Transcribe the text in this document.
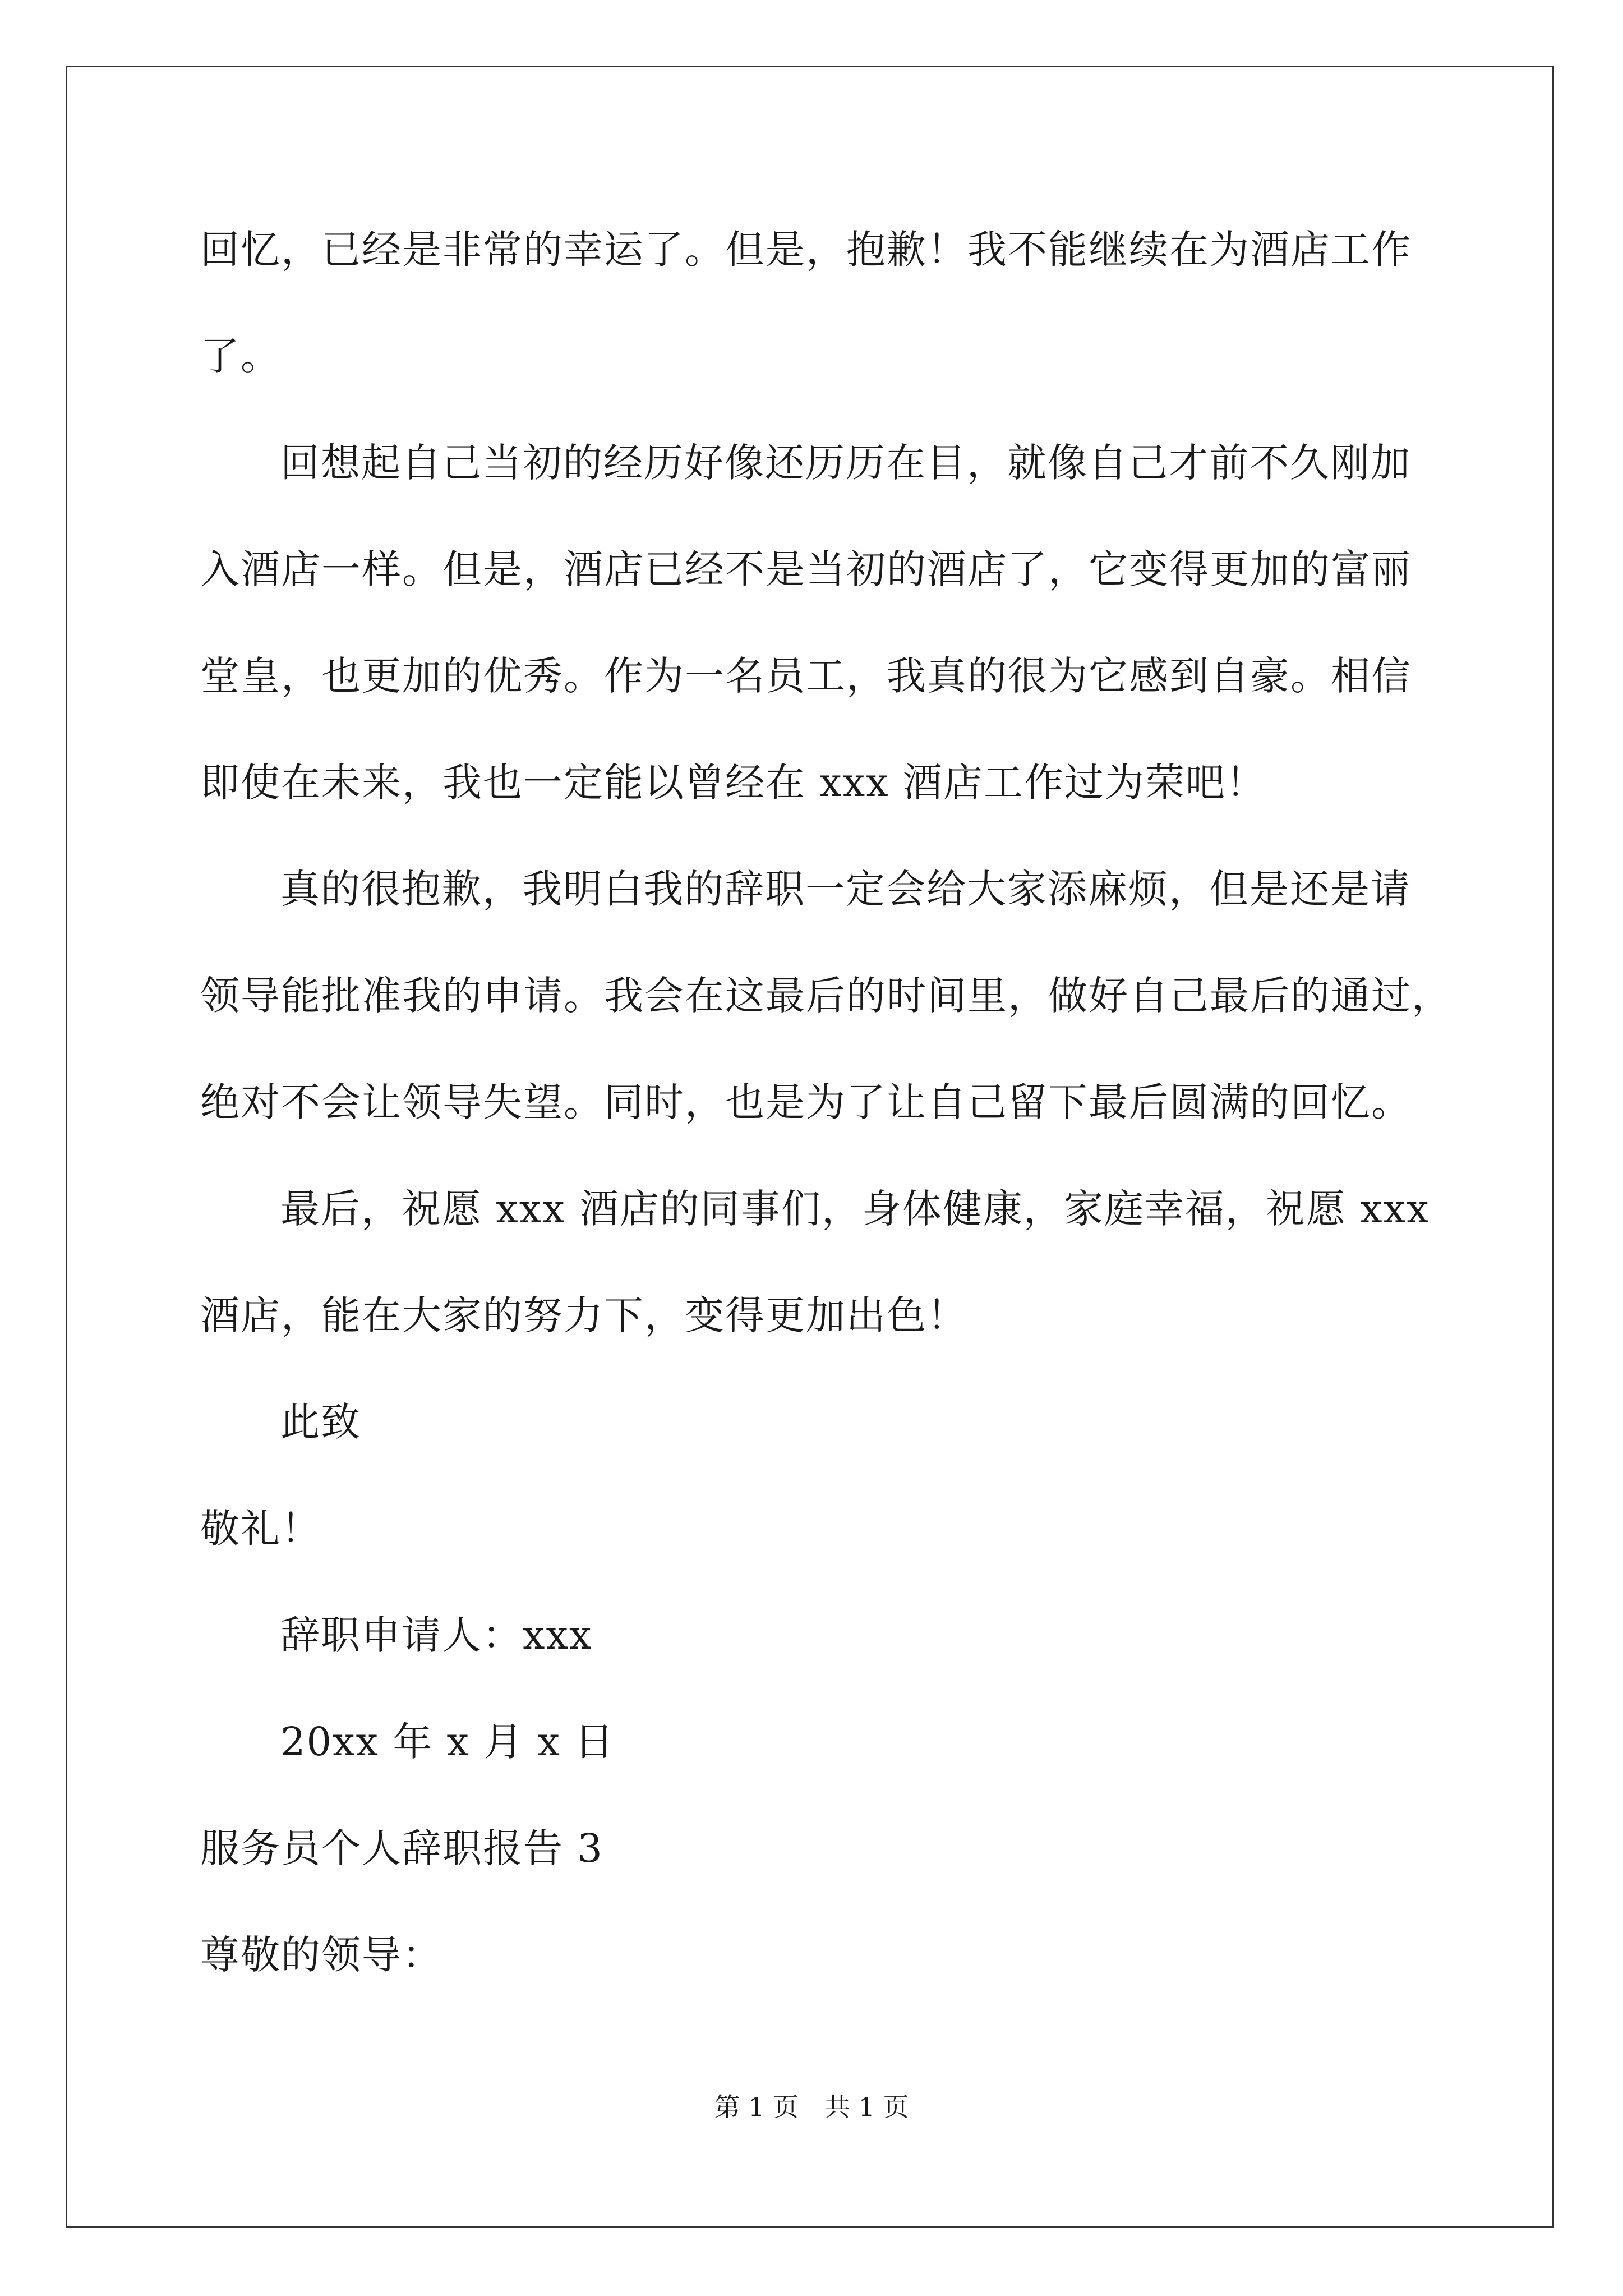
回忆，已经是非常的幸运了。但是，抱歉！我不能继续在为酒店工作
了。
回想起自己当初的经历好像还历历在目，就像自己才前不久刚加
入酒店一样。但是，酒店已经不是当初的酒店了，它变得更加的富丽
堂皇，也更加的优秀。作为一名员工，我真的很为它感到自豪。相信
即使在未来，我也一定能以曾经在 xxx 酒店工作过为荣吧！
真的很抱歉，我明白我的辞职一定会给大家添麻烦，但是还是请
领导能批准我的申请。我会在这最后的时间里，做好自己最后的通过，
绝对不会让领导失望。同时，也是为了让自己留下最后圆满的回忆。
最后，祝愿 xxx 酒店的同事们，身体健康，家庭幸福，祝愿 xxx
酒店，能在大家的努力下，变得更加出色！
此致
敬礼！
辞职申请人：xxx
20xx 年 x 月 x 日
服务员个人辞职报告 3
尊敬的领导：
第 1 页　共 1 页
